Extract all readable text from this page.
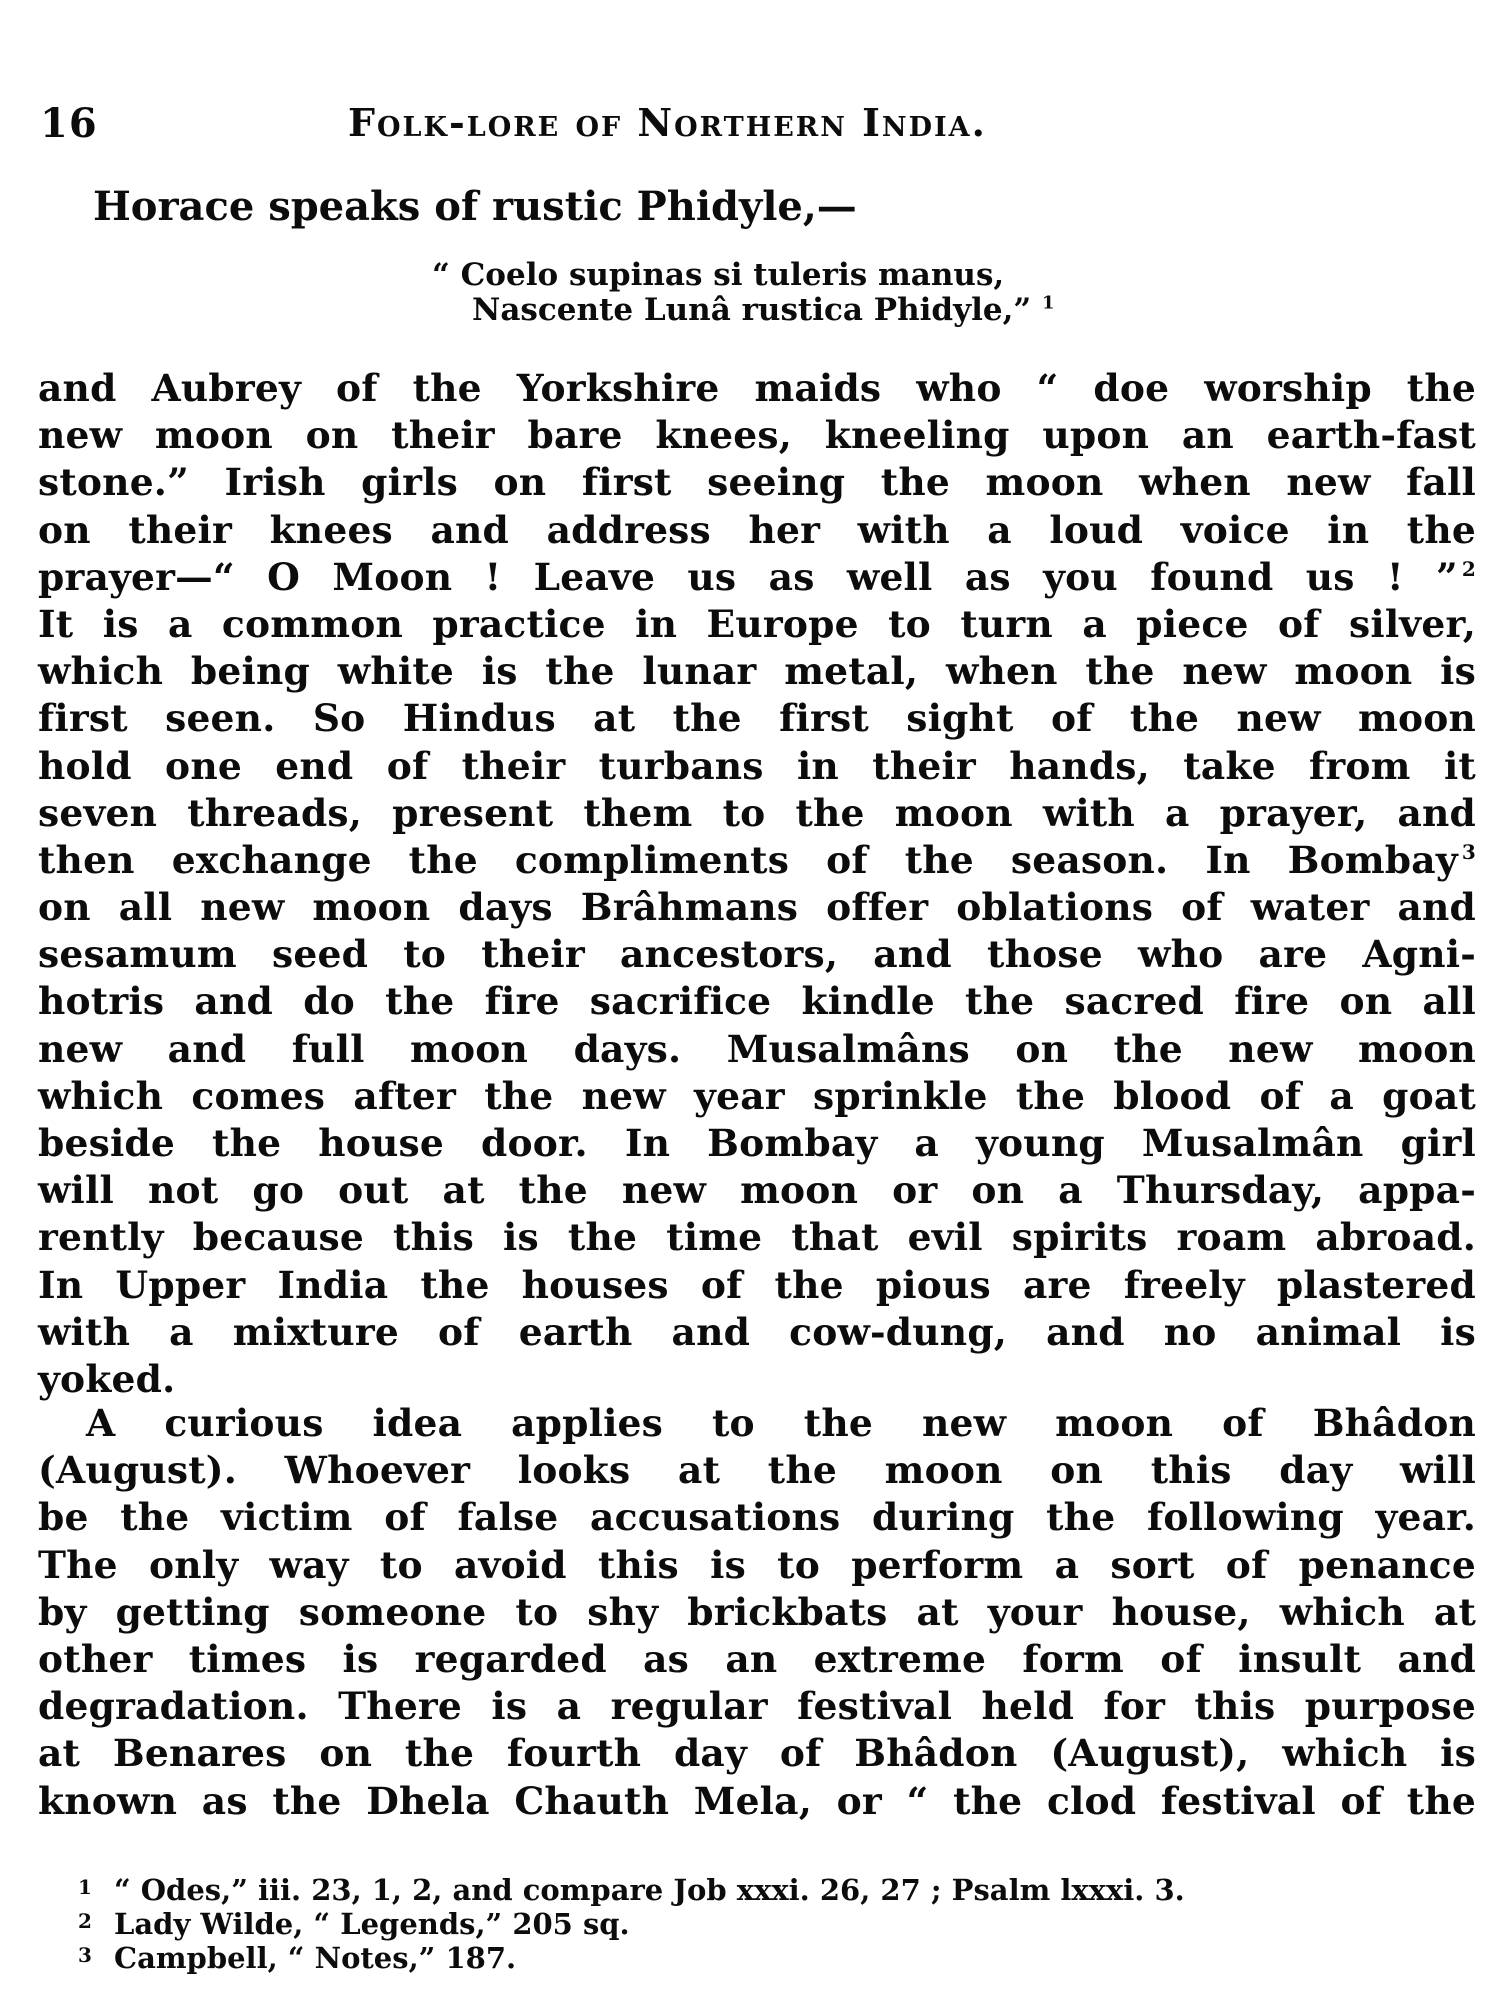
16	Folk-lore of Northern India.
Horace speaks of rustic Phidyle,—
“ Coelo supinas si tuleris manus,
Nascente Lunâ rustica Phidyle,” $^1$
and Aubrey of the Yorkshire maids who “ doe worship the
new moon on their bare knees, kneeling upon an earth-fast
stone.” Irish girls on first seeing the moon when new fall
on their knees and address her with a loud voice in the
prayer—“ O Moon ! Leave us as well as you found us ! ” $^2$
It is a common practice in Europe to turn a piece of silver,
which being white is the lunar metal, when the new moon is
first seen. So Hindus at the first sight of the new moon
hold one end of their turbans in their hands, take from it
seven threads, present them to the moon with a prayer, and
then exchange the compliments of the season. In Bombay $^3$
on all new moon days Brâhmans offer oblations of water and
sesamum seed to their ancestors, and those who are Agni-
hotris and do the fire sacrifice kindle the sacred fire on all
new and full moon days. Musalmâns on the new moon
which comes after the new year sprinkle the blood of a goat
beside the house door. In Bombay a young Musalmân girl
will not go out at the new moon or on a Thursday, appa-
rently because this is the time that evil spirits roam abroad.
In Upper India the houses of the pious are freely plastered
with a mixture of earth and cow-dung, and no animal is
yoked.
A curious idea applies to the new moon of Bhâdon
(August). Whoever looks at the moon on this day will
be the victim of false accusations during the following year.
The only way to avoid this is to perform a sort of penance
by getting someone to shy brickbats at your house, which at
other times is regarded as an extreme form of insult and
degradation. There is a regular festival held for this purpose
at Benares on the fourth day of Bhâdon (August), which is
known as the Dhela Chauth Mela, or “ the clod festival of the
1 “ Odes,” iii. 23, 1, 2, and compare Job xxxi. 26, 27 ; Psalm lxxxi. 3.
2 Lady Wilde, “ Legends,” 205 sq.
3 Campbell, “ Notes,” 187.
